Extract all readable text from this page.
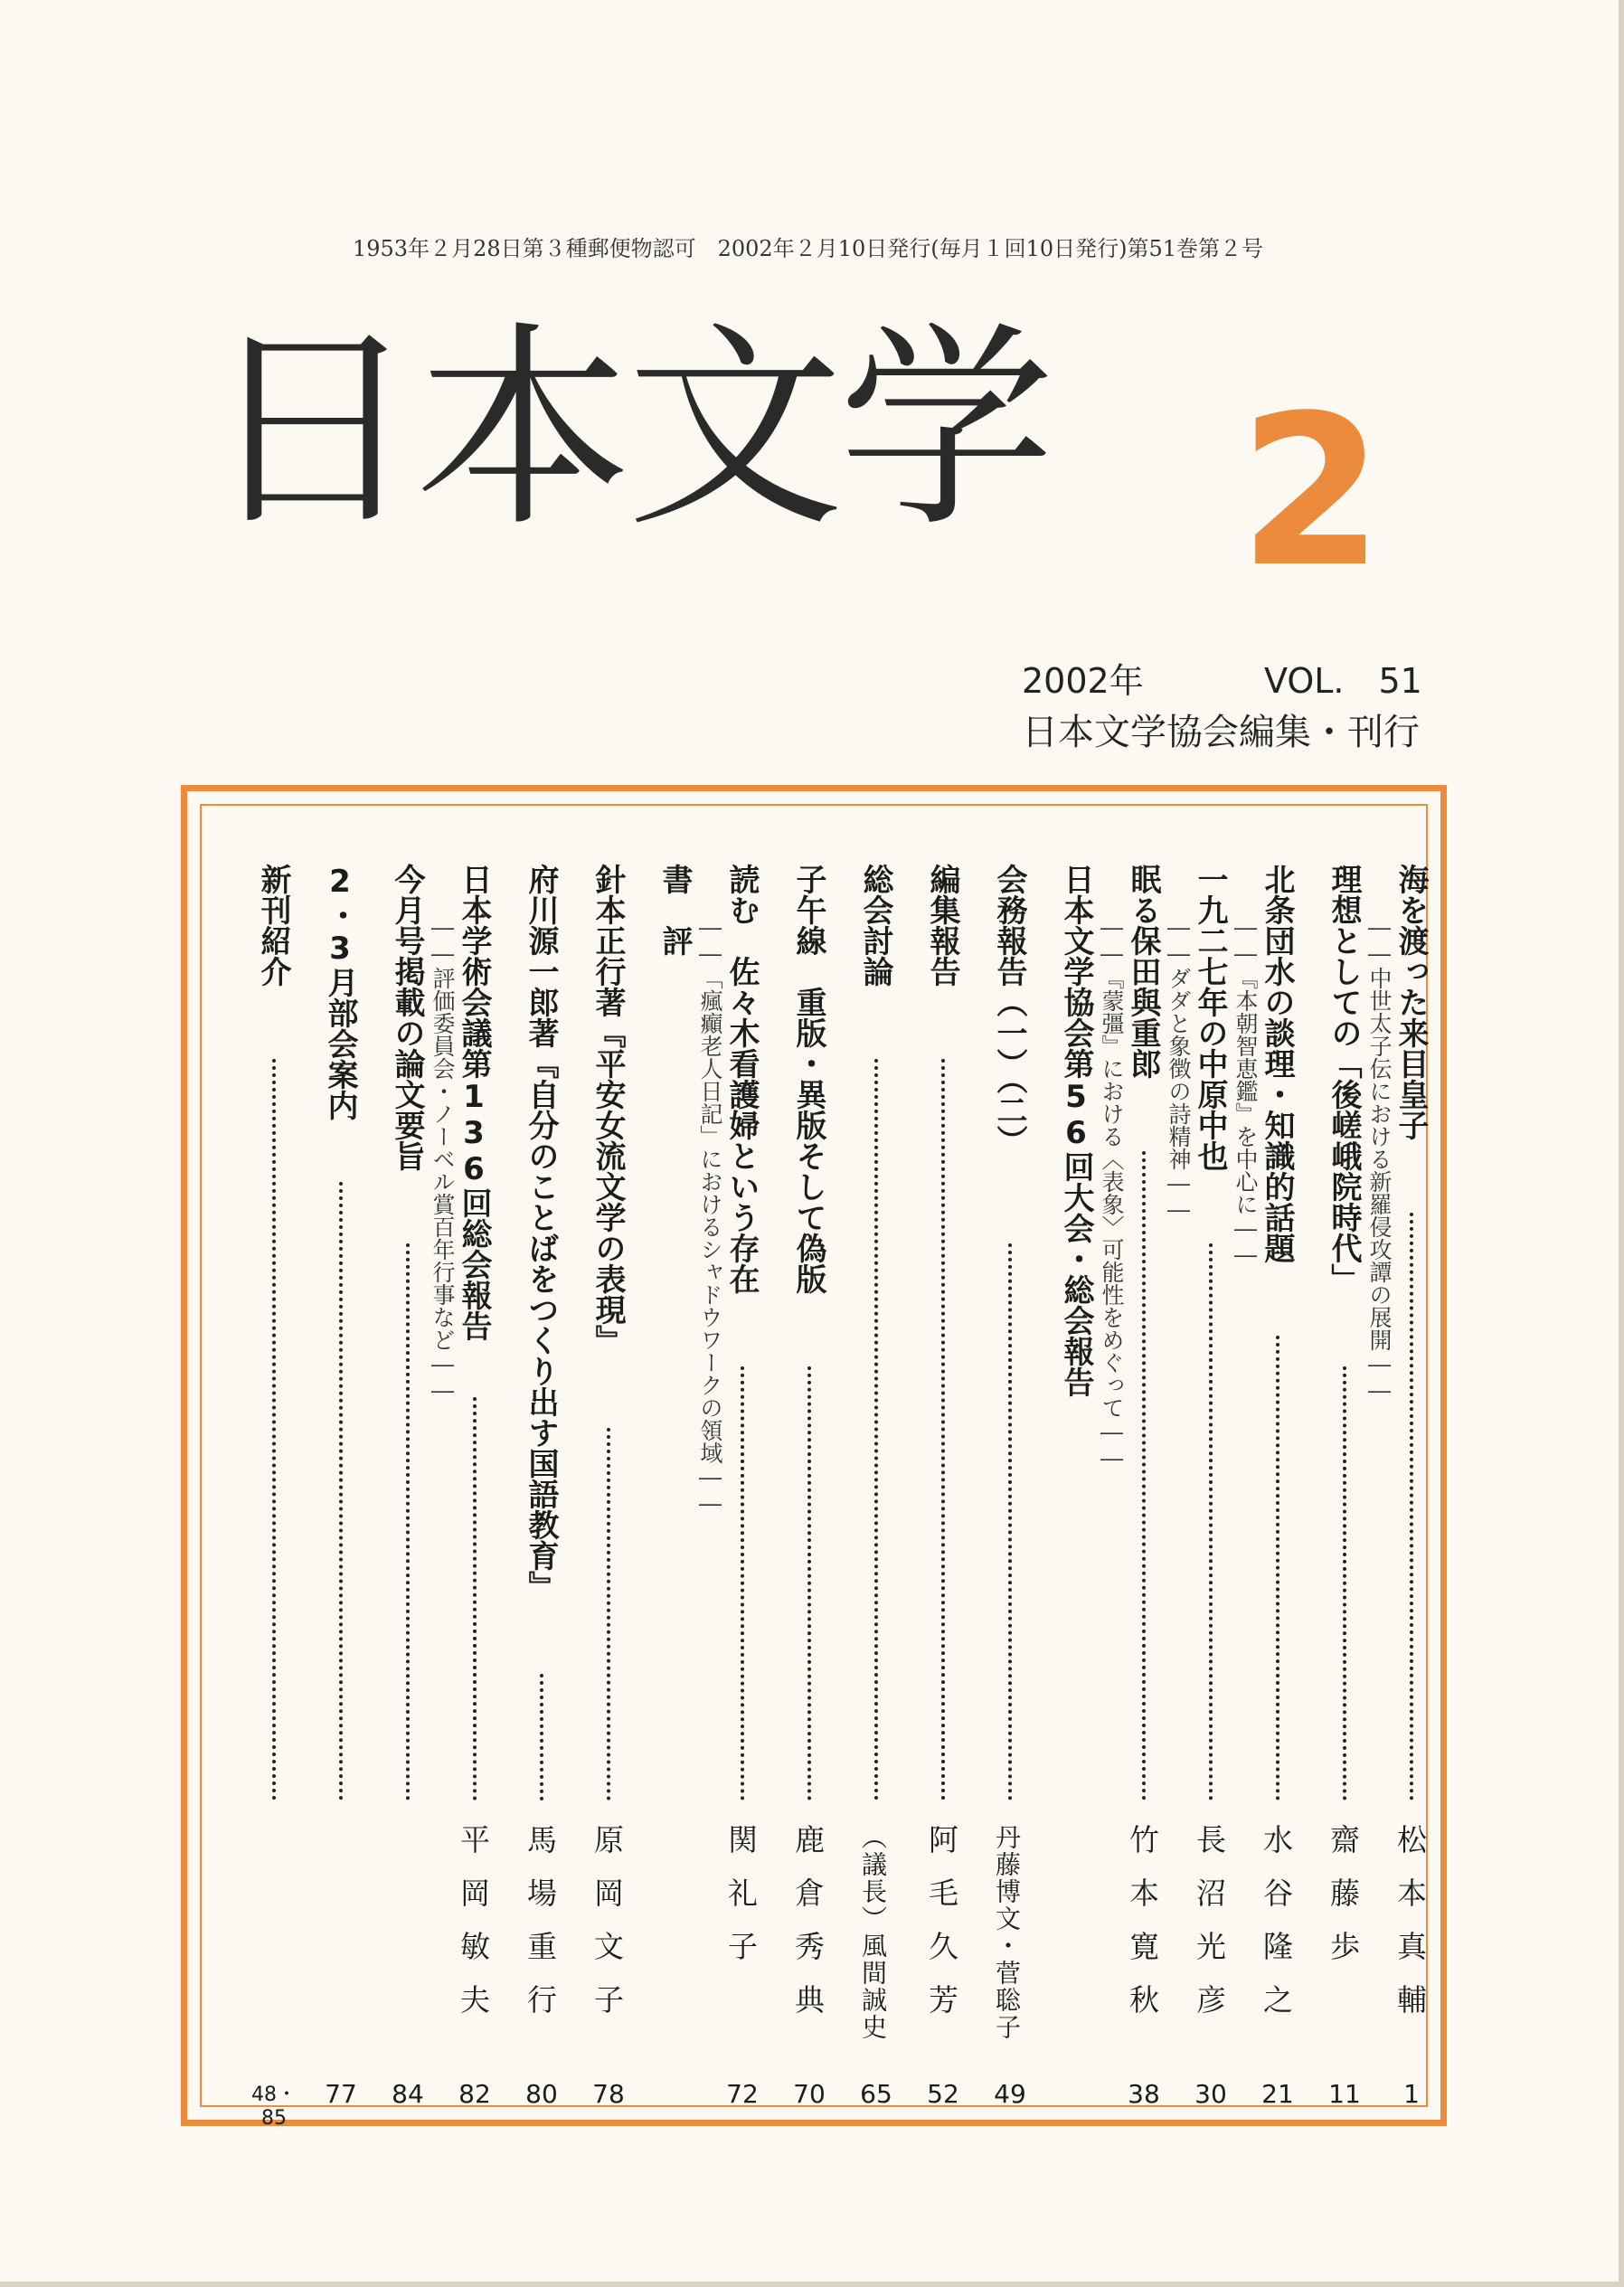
1953年２月28日第３種郵便物認可　2002年２月10日発行(毎月１回10日発行)第51巻第２号
日本文学 2
2002年	VOL.　51
日本文学協会編集・刊行
海を渡った来目皇子
――中世太子伝における新羅侵攻譚の展開――
松本真輔
1
理想としての「後嵯峨院時代」
齋藤歩
11
北条団水の談理・知識的話題
――『本朝智恵鑑』を中心に――
水谷隆之
21
一九二七年の中原中也
――ダダと象徴の詩精神――
長沼光彦
30
眠る保田與重郎
――『蒙彊』における〈表象〉可能性をめぐって――
竹本寛秋
38
日本文学協会第56回大会・総会報告
会務報告（一）（二）
丹藤博文・菅聡子
49
編集報告
阿毛久芳
52
総会討論
（議長）風間誠史
65
子午線　重版・異版そして偽版
鹿倉秀典
70
読む　佐々木看護婦という存在
――「瘋癲老人日記」におけるシャドウワークの領域――
関礼子
72
書　評
針本正行著『平安女流文学の表現』
原岡文子
78
府川源一郎著『自分のことばをつくり出す国語教育』
馬場重行
80
日本学術会議第136回総会報告
――評価委員会・ノーベル賞百年行事など――
平岡敏夫
82
今月号掲載の論文要旨
84
2・3月部会案内
77
新刊紹介
48・85
